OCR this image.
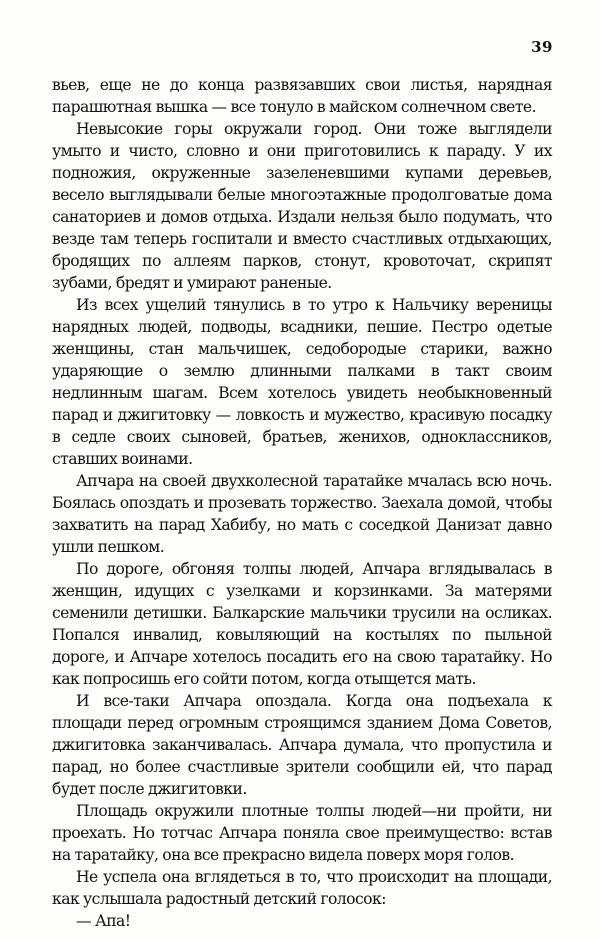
39

вьев, еще не до конца развязавших свои листья, нарядная парашютная вышка — все тонуло в майском солнечном свете.

Невысокие горы окружали город. Они тоже выглядели умыто и чисто, словно и они приготовились к параду. У их подножия, окруженные зазеленевшими купами деревьев, весело выглядывали белые многоэтажные продолговатые дома санаториев и домов отдыха. Издали нельзя было подумать, что везде там теперь госпитали и вместо счастливых отдыхающих, бродящих по аллеям парков, стонут, кровоточат, скрипят зубами, бредят и умирают раненые.

Из всех ущелий тянулись в то утро к Нальчику вереницы нарядных людей, подводы, всадники, пешие. Пестро одетые женщины, стан мальчишек, седобородые старики, важно ударяющие о землю длинными палками в такт своим недлинным шагам. Всем хотелось увидеть необыкновенный парад и джигитовку — ловкость и мужество, красивую посадку в седле своих сыновей, братьев, женихов, одноклассников, ставших воинами.

Апчара на своей двухколесной таратайке мчалась всю ночь. Боялась опоздать и прозевать торжество. Заехала домой, чтобы захватить на парад Хабибу, но мать с соседкой Данизат давно ушли пешком.

По дороге, обгоняя толпы людей, Апчара вглядывалась в женщин, идущих с узелками и корзинками. За матерями семенили детишки. Балкарские мальчики трусили на осликах. Попался инвалид, ковыляющий на костылях по пыльной дороге, и Апчаре хотелось посадить его на свою таратайку. Но как попросишь его сойти потом, когда отыщется мать.

И все-таки Апчара опоздала. Когда она подъехала к площади перед огромным строящимся зданием Дома Советов, джигитовка заканчивалась. Апчара думала, что пропустила и парад, но более счастливые зрители сообщили ей, что парад будет после джигитовки.

Площадь окружили плотные толпы людей—ни пройти, ни проехать. Но тотчас Апчара поняла свое преимущество: встав на таратайку, она все прекрасно видела поверх моря голов.

Не успела она вглядеться в то, что происходит на площади, как услышала радостный детский голосок:

— Апа!
